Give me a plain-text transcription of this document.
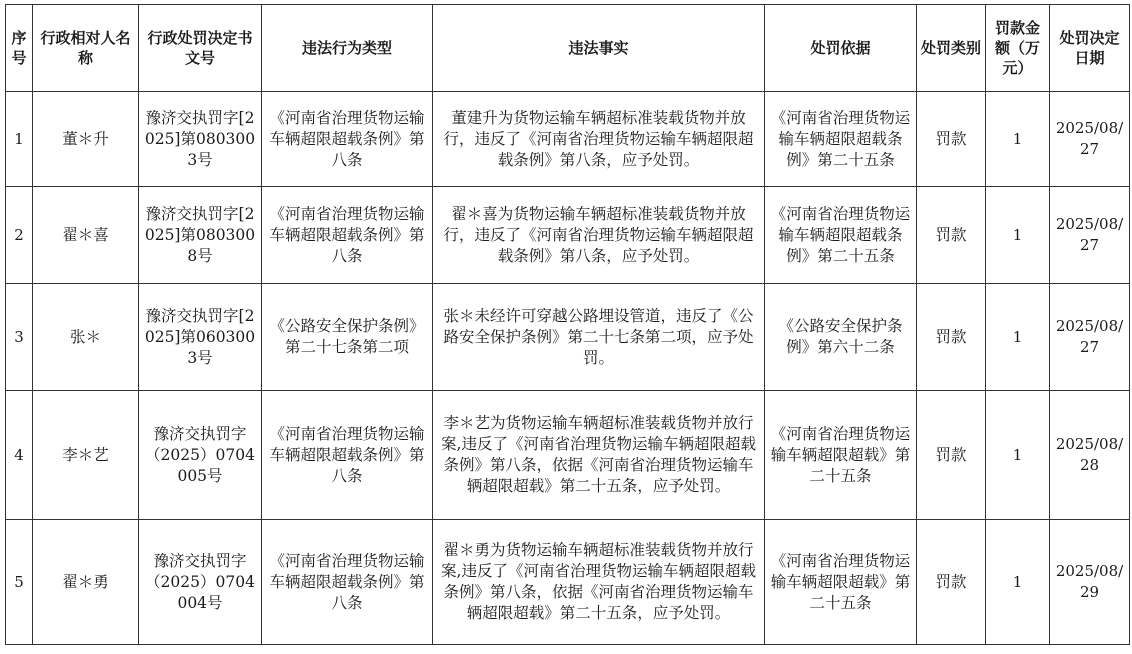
序号	行政相对人名称	行政处罚决定书文号	违法行为类型	违法事实	处罚依据	处罚类别	罚款金额（万元）	处罚决定日期
1	董＊升	豫济交执罚字[2025]第0803003号	《河南省治理货物运输车辆超限超载条例》第八条	董建升为货物运输车辆超标准装载货物并放行，违反了《河南省治理货物运输车辆超限超载条例》第八条，应予处罚。	《河南省治理货物运输车辆超限超载条例》第二十五条	罚款	1	2025/08/27
2	翟＊喜	豫济交执罚字[2025]第0803008号	《河南省治理货物运输车辆超限超载条例》第八条	翟＊喜为货物运输车辆超标准装载货物并放行，违反了《河南省治理货物运输车辆超限超载条例》第八条，应予处罚。	《河南省治理货物运输车辆超限超载条例》第二十五条	罚款	1	2025/08/27
3	张＊	豫济交执罚字[2025]第0603003号	《公路安全保护条例》第二十七条第二项	张＊未经许可穿越公路埋设管道，违反了《公路安全保护条例》第二十七条第二项，应予处罚。	《公路安全保护条例》第六十二条	罚款	1	2025/08/27
4	李＊艺	豫济交执罚字（2025）0704005号	《河南省治理货物运输车辆超限超载条例》第八条	李＊艺为货物运输车辆超标准装载货物并放行案,违反了《河南省治理货物运输车辆超限超载条例》第八条，依据《河南省治理货物运输车辆超限超载》第二十五条，应予处罚。	《河南省治理货物运输车辆超限超载》第二十五条	罚款	1	2025/08/28
5	翟＊勇	豫济交执罚字（2025）0704004号	《河南省治理货物运输车辆超限超载条例》第八条	翟＊勇为货物运输车辆超标准装载货物并放行案,违反了《河南省治理货物运输车辆超限超载条例》第八条，依据《河南省治理货物运输车辆超限超载》第二十五条，应予处罚。	《河南省治理货物运输车辆超限超载》第二十五条	罚款	1	2025/08/29
